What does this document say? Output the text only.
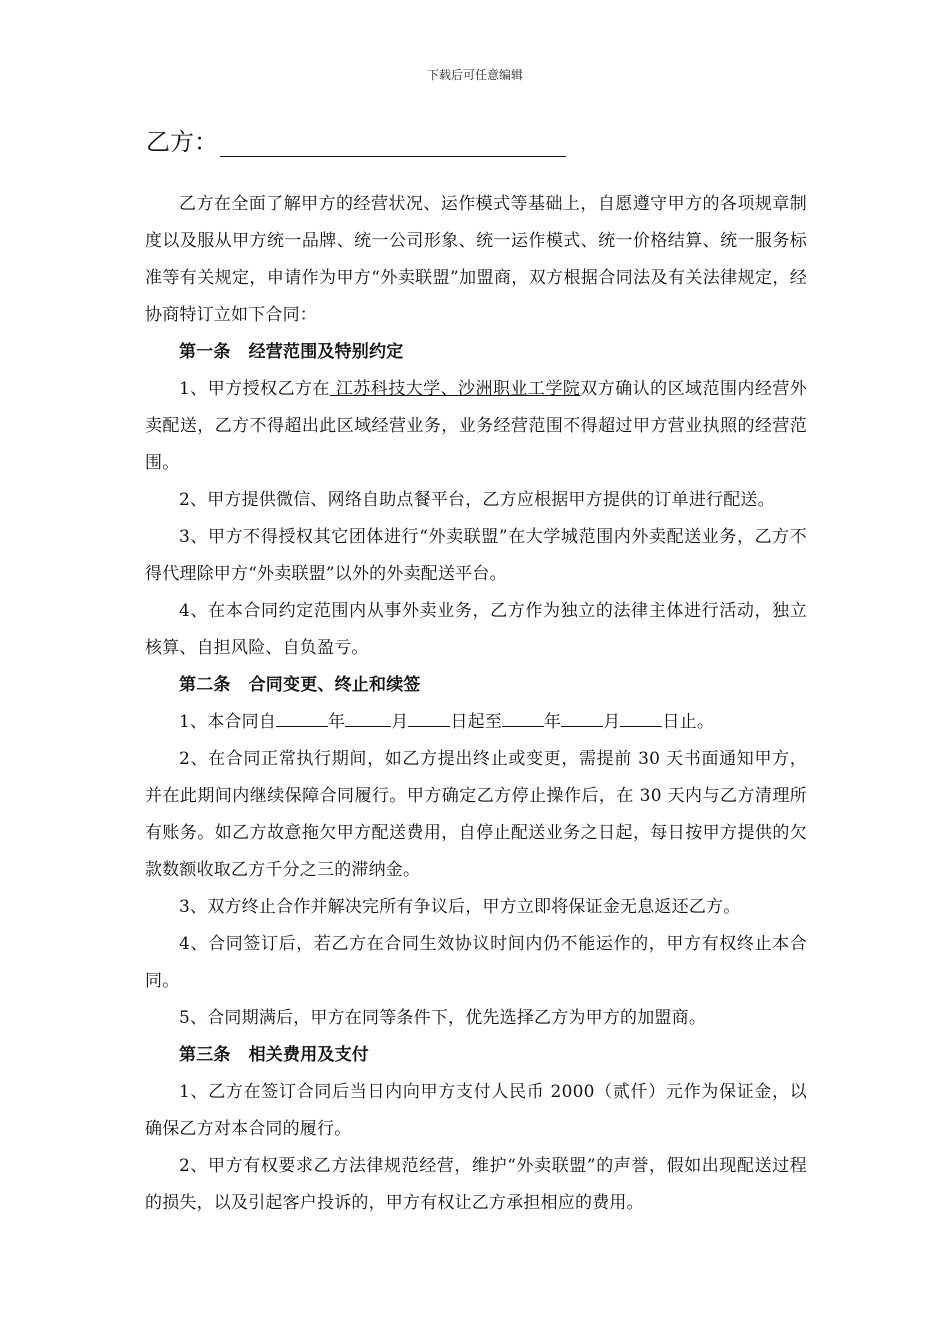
下载后可任意编辑
乙方：

乙方在全面了解甲方的经营状况、运作模式等基础上，自愿遵守甲方的各项规章制度以及服从甲方统一品牌、统一公司形象、统一运作模式、统一价格结算、统一服务标准等有关规定，申请作为甲方“外卖联盟”加盟商，双方根据合同法及有关法律规定，经协商特订立如下合同：

第一条 经营范围及特别约定

1、甲方授权乙方在 江苏科技大学、沙洲职业工学院双方确认的区域范围内经营外卖配送，乙方不得超出此区域经营业务，业务经营范围不得超过甲方营业执照的经营范围。

2、甲方提供微信、网络自助点餐平台，乙方应根据甲方提供的订单进行配送。

3、甲方不得授权其它团体进行“外卖联盟”在大学城范围内外卖配送业务，乙方不得代理除甲方“外卖联盟”以外的外卖配送平台。

4、在本合同约定范围内从事外卖业务，乙方作为独立的法律主体进行活动，独立核算、自担风险、自负盈亏。

第二条 合同变更、终止和续签

1、本合同自	年	月 日起至 年 月 日止。

2、在合同正常执行期间，如乙方提出终止或变更，需提前 30 天书面通知甲方，并在此期间内继续保障合同履行。甲方确定乙方停止操作后，在 30 天内与乙方清理所有账务。如乙方故意拖欠甲方配送费用，自停止配送业务之日起，每日按甲方提供的欠款数额收取乙方千分之三的滞纳金。

3、双方终止合作并解决完所有争议后，甲方立即将保证金无息返还乙方。

4、合同签订后，若乙方在合同生效协议时间内仍不能运作的，甲方有权终止本合同。

5、合同期满后，甲方在同等条件下，优先选择乙方为甲方的加盟商。

第三条 相关费用及支付

1、乙方在签订合同后当日内向甲方支付人民币 2000（贰仟）元作为保证金，以确保乙方对本合同的履行。

2、甲方有权要求乙方法律规范经营，维护“外卖联盟”的声誉，假如出现配送过程的损失，以及引起客户投诉的，甲方有权让乙方承担相应的费用。
